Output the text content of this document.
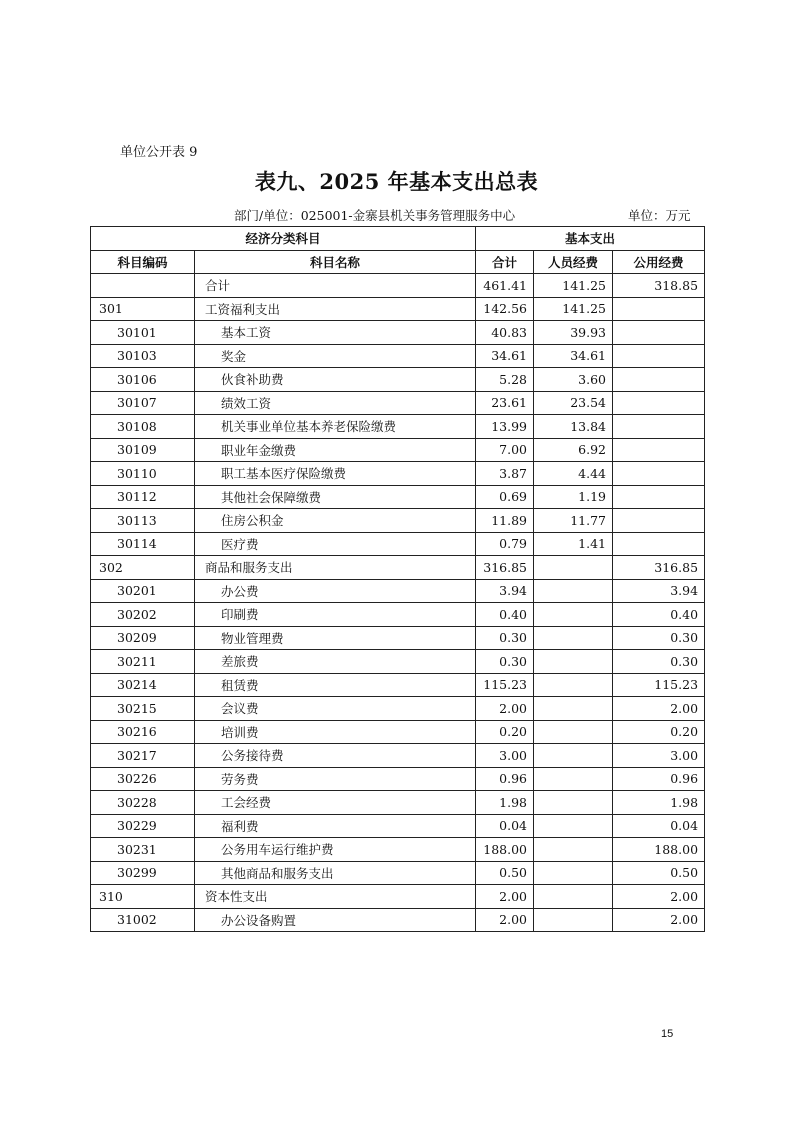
单位公开表 9
表九、2025 年基本支出总表
部门/单位：025001-金寨县机关事务管理服务中心	单位：万元
经济分类科目		基本支出		
科目编码	科目名称	合计	人员经费	公用经费
	合计	461.41	141.25	318.85
301	工资福利支出	142.56	141.25	
30101	基本工资	40.83	39.93	
30103	奖金	34.61	34.61	
30106	伙食补助费	5.28	3.60	
30107	绩效工资	23.61	23.54	
30108	机关事业单位基本养老保险缴费	13.99	13.84	
30109	职业年金缴费	7.00	6.92	
30110	职工基本医疗保险缴费	3.87	4.44	
30112	其他社会保障缴费	0.69	1.19	
30113	住房公积金	11.89	11.77	
30114	医疗费	0.79	1.41	
302	商品和服务支出	316.85		316.85
30201	办公费	3.94		3.94
30202	印刷费	0.40		0.40
30209	物业管理费	0.30		0.30
30211	差旅费	0.30		0.30
30214	租赁费	115.23		115.23
30215	会议费	2.00		2.00
30216	培训费	0.20		0.20
30217	公务接待费	3.00		3.00
30226	劳务费	0.96		0.96
30228	工会经费	1.98		1.98
30229	福利费	0.04		0.04
30231	公务用车运行维护费	188.00		188.00
30299	其他商品和服务支出	0.50		0.50
310	资本性支出	2.00		2.00
31002	办公设备购置	2.00		2.00
15
